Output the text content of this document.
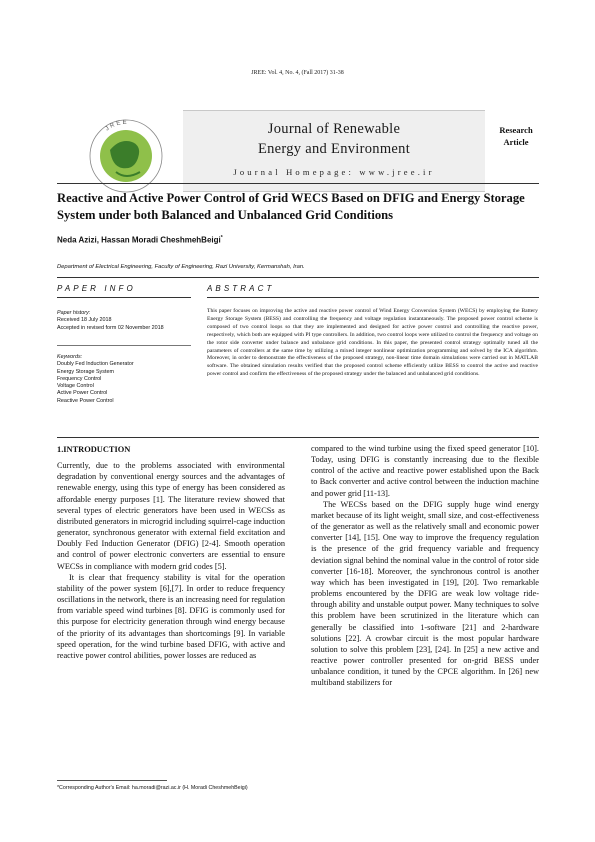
JREE: Vol. 4, No. 4, (Fall 2017) 31-38
JREE	Journal of Renewable
Energy and Environment
Journal Homepage: www.jree.ir
Research
Article
Reactive and Active Power Control of Grid WECS Based on DFIG and Energy Storage System under both Balanced and Unbalanced Grid Conditions
Neda Azizi, Hassan Moradi CheshmehBeigi*
Department of Electrical Engineering, Faculty of Engineering, Razi University, Kermanshah, Iran.
PAPER INFO	ABSTRACT
Paper history:
Received 18 July 2018
Accepted in revised form 02 November 2018
Keywords:
Doubly Fed Induction Generator
Energy Storage System
Frequency Control
Voltage Control
Active Power Control
Reactive Power Control
This paper focuses on improving the active and reactive power control of Wind Energy Conversion System (WECS) by employing the Battery Energy Storage System (BESS) and controlling the frequency and voltage regulation instantaneously. The proposed power control scheme is composed of two control loops so that they are implemented and designed for active power control and controlling the reactive power, respectively, which both are equipped with PI type controllers. In addition, two control loops were utilized to control the frequency and voltage on the rotor side converter under balance and unbalance grid conditions. In this paper, the presented control strategy optimally tuned all the parameters of controllers at the same time by utilizing a mixed integer nonlinear optimization programming and solved by the ICA algorithm. Moreover, in order to demonstrate the effectiveness of the proposed strategy, non-linear time domain simulations were carried out in MATLAB software. The obtained simulation results verified that the proposed control scheme efficiently utilize BESS to control the active and reactive power control and confirm the effectiveness of the proposed strategy under the balanced and unbalanced grid conditions.
1.INTRODUCTION

Currently, due to the problems associated with environmental degradation by conventional energy sources and the advantages of renewable energy, using this type of energy has been considered as affordable energy purposes [1]. The literature review showed that several types of electric generators have been used in WECSs as distributed generators in microgrid including squirrel-cage induction generator, synchronous generator with external field excitation and Doubly Fed Induction Generator (DFIG) [2-4]. Smooth operation and control of power electronic converters are essential to ensure WECSs in compliance with modern grid codes [5].

It is clear that frequency stability is vital for the operation stability of the power system [6],[7]. In order to reduce frequency oscillations in the network, there is an increasing need for regulation from variable speed wind turbines [8]. DFIG is commonly used for this purpose for electricity generation through wind energy because of the priority of its advantages than shortcomings [9]. In variable speed operation, for the wind turbine based DFIG, with active and reactive power control abilities, power losses are reduced as

compared to the wind turbine using the fixed speed generator [10]. Today, using DFIG is constantly increasing due to the flexible control of the active and reactive power established upon the Back to Back converter and active control between the induction machine and power grid [11-13].

The WECSs based on the DFIG supply huge wind energy market because of its light weight, small size, and cost-effectiveness of the generator as well as the relatively small and economic power converter [14], [15]. One way to improve the frequency regulation is the presence of the grid frequency variable and frequency deviation signal behind the nominal value in the control of rotor side converter [16-18]. Moreover, the synchronous control is another way which has been investigated in [19], [20]. Two remarkable problems encountered by the DFIG are weak low voltage ride-through ability and unstable output power. Many techniques to solve this problem have been scrutinized in the literature which can generally be classified into 1-software [21] and 2-hardware solutions [22]. A crowbar circuit is the most popular hardware solution to solve this problem [23], [24]. In [25] a new active and reactive power controller presented for on-grid BESS under unbalance condition, it tuned by the CPCE algorithm. In [26] new multiband stabilizers for

*Corresponding Author's Email: ha.moradi@razi.ac.ir (H. Moradi CheshmehBeigi)
